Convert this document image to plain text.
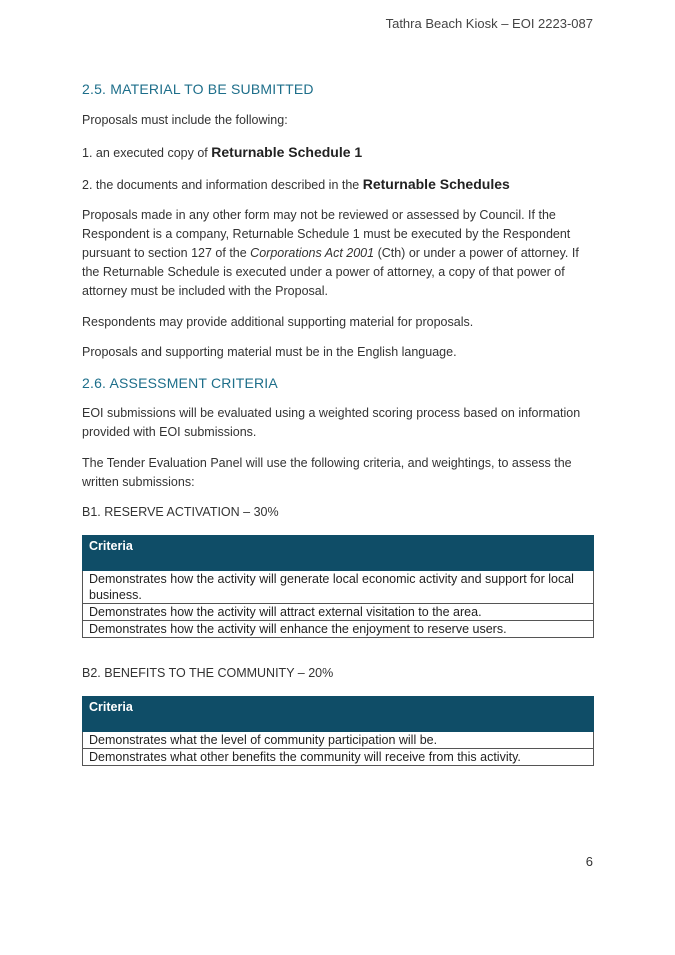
Tathra Beach Kiosk – EOI 2223-087
2.5. MATERIAL TO BE SUBMITTED

Proposals must include the following:

1. an executed copy of Returnable Schedule 1

2. the documents and information described in the Returnable Schedules

Proposals made in any other form may not be reviewed or assessed by Council. If the Respondent is a company, Returnable Schedule 1 must be executed by the Respondent pursuant to section 127 of the Corporations Act 2001 (Cth) or under a power of attorney. If the Returnable Schedule is executed under a power of attorney, a copy of that power of attorney must be included with the Proposal.

Respondents may provide additional supporting material for proposals.

Proposals and supporting material must be in the English language.

2.6. ASSESSMENT CRITERIA

EOI submissions will be evaluated using a weighted scoring process based on information provided with EOI submissions.

The Tender Evaluation Panel will use the following criteria, and weightings, to assess the written submissions:

B1. RESERVE ACTIVATION – 30%
Criteria
Demonstrates how the activity will generate local economic activity and support for local business.
Demonstrates how the activity will attract external visitation to the area.
Demonstrates how the activity will enhance the enjoyment to reserve users.
B2. BENEFITS TO THE COMMUNITY – 20%
Criteria
Demonstrates what the level of community participation will be.
Demonstrates what other benefits the community will receive from this activity.
6
